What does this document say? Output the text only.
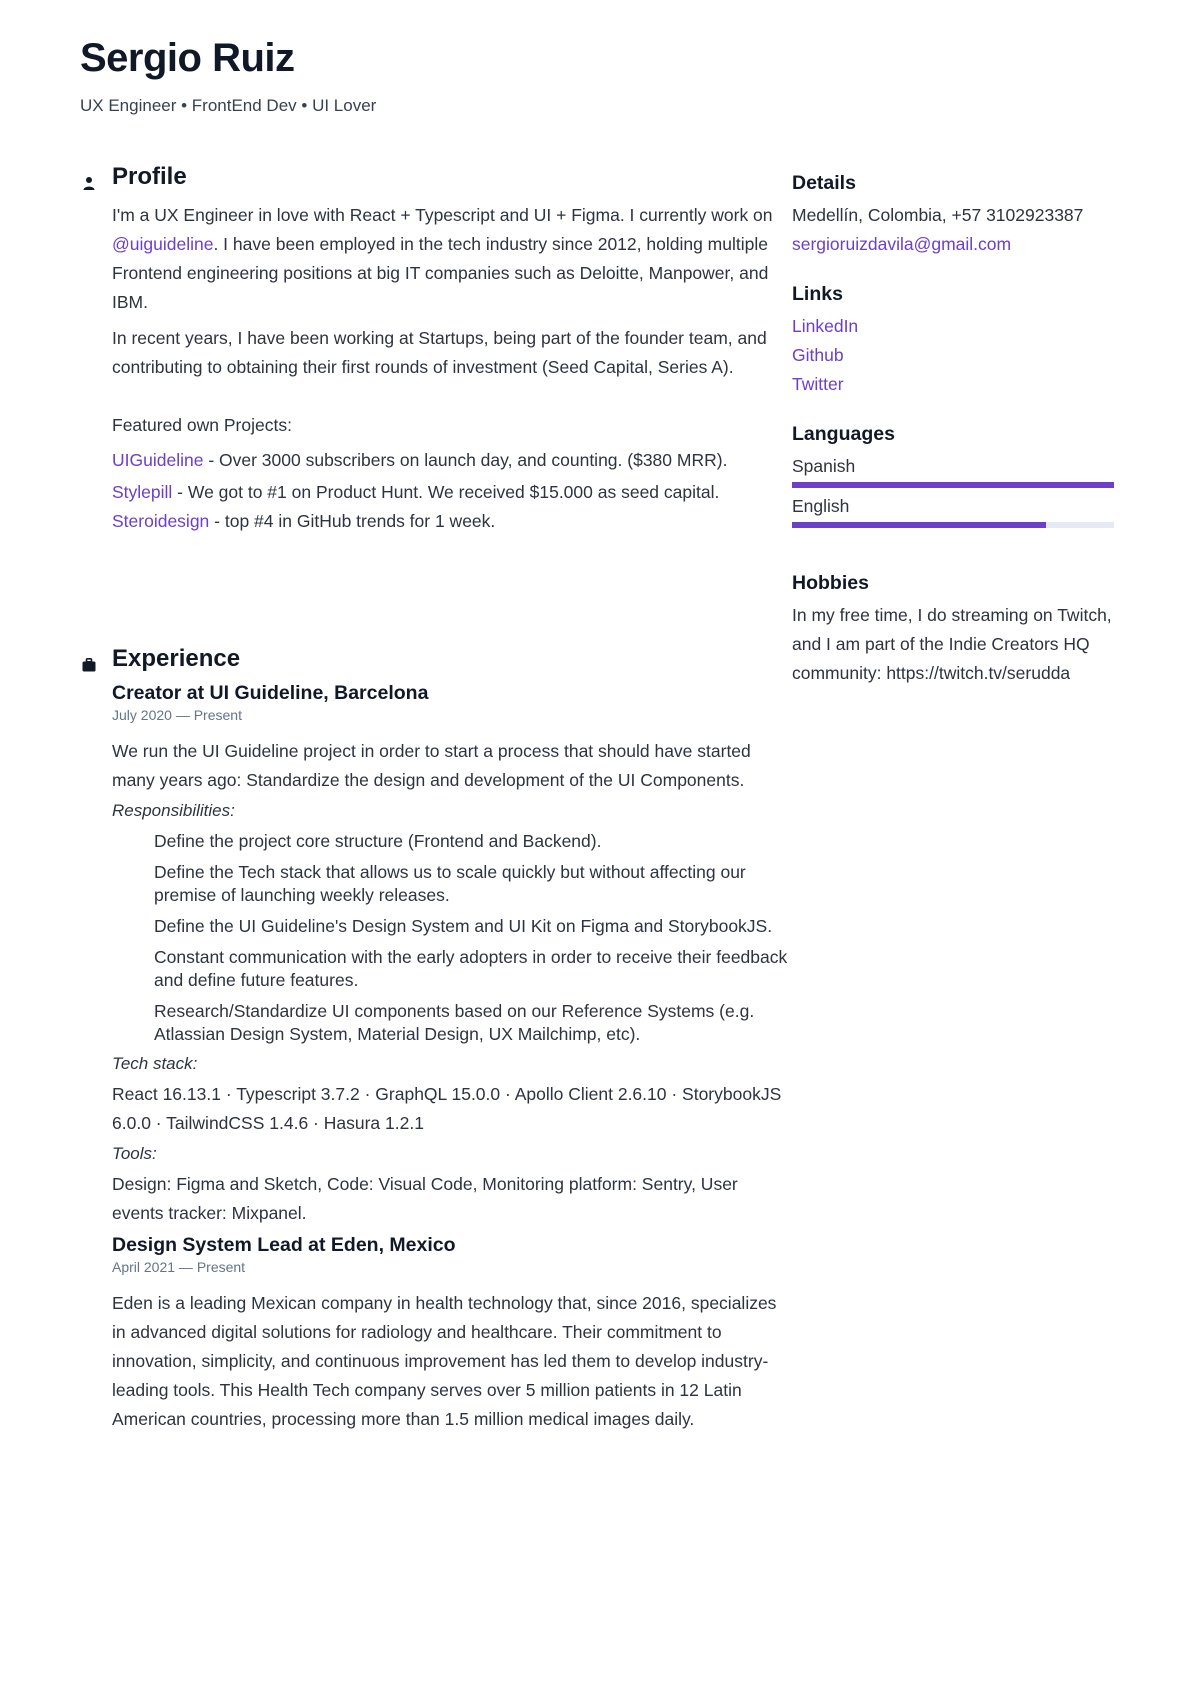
Sergio Ruiz
UX Engineer • FrontEnd Dev • UI Lover
Profile

I'm a UX Engineer in love with React + Typescript and UI + Figma. I currently work on @uiguideline. I have been employed in the tech industry since 2012, holding multiple Frontend engineering positions at big IT companies such as Deloitte, Manpower, and IBM.

In recent years, I have been working at Startups, being part of the founder team, and contributing to obtaining their first rounds of investment (Seed Capital, Series A).

Featured own Projects:

UIGuideline - Over 3000 subscribers on launch day, and counting. ($380 MRR).

Stylepill - We got to #1 on Product Hunt. We received $15.000 as seed capital.

Steroidesign - top #4 in GitHub trends for 1 week.

Experience
Creator at UI Guideline, Barcelona
July 2020 — Present

We run the UI Guideline project in order to start a process that should have started many years ago: Standardize the design and development of the UI Components.

Responsibilities:
Define the project core structure (Frontend and Backend).
Define the Tech stack that allows us to scale quickly but without affecting our premise of launching weekly releases.
Define the UI Guideline's Design System and UI Kit on Figma and StorybookJS.
Constant communication with the early adopters in order to receive their feedback and define future features.
Research/Standardize UI components based on our Reference Systems (e.g. Atlassian Design System, Material Design, UX Mailchimp, etc).
Tech stack:

React 16.13.1 · Typescript 3.7.2 · GraphQL 15.0.0 · Apollo Client 2.6.10 · StorybookJS 6.0.0 · TailwindCSS 1.4.6 · Hasura 1.2.1

Tools:

Design: Figma and Sketch, Code: Visual Code, Monitoring platform: Sentry, User events tracker: Mixpanel.

Design System Lead at Eden, Mexico
April 2021 — Present

Eden is a leading Mexican company in health technology that, since 2016, specializes in advanced digital solutions for radiology and healthcare. Their commitment to innovation, simplicity, and continuous improvement has led them to develop industry-leading tools. This Health Tech company serves over 5 million patients in 12 Latin American countries, processing more than 1.5 million medical images daily.

Details

Medellín, Colombia, +57 3102923387

sergioruizdavila@gmail.com

Links

LinkedIn

Github

Twitter

Languages

Spanish

English

Hobbies

In my free time, I do streaming on Twitch, and I am part of the Indie Creators HQ community: https://twitch.tv/serudda
